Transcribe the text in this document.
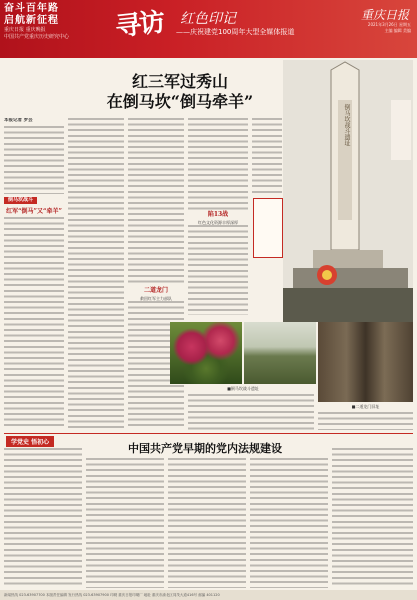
奋斗百年路
启航新征程
重庆日报 重庆晚报
中国共产党重庆历史研究中心	寻访 红色印记
——庆祝建党100周年大型全媒体报道
重庆日报
2021年3月26日 星期五
主编 编辑 美编
倒马坎战斗遗址
红三军过秀山
在倒马坎“倒马牵羊”
本报记者 罗芸
倒马坎战斗
红军“倒马”又“牵羊”
二道龙门
救回红军主力部队
陷13战
红色文化资源丰厚深厚
■倒马坎战斗遗址
■二道龙门旧址
学党史 悟初心	中国共产党早期的党内法规建设
新闻热线 023-63907700 本版责任编辑 发行热线 023-63907900 印刷 重庆日报印刷厂 地址 重庆市渝北区同茂大道416号 邮编 401120
